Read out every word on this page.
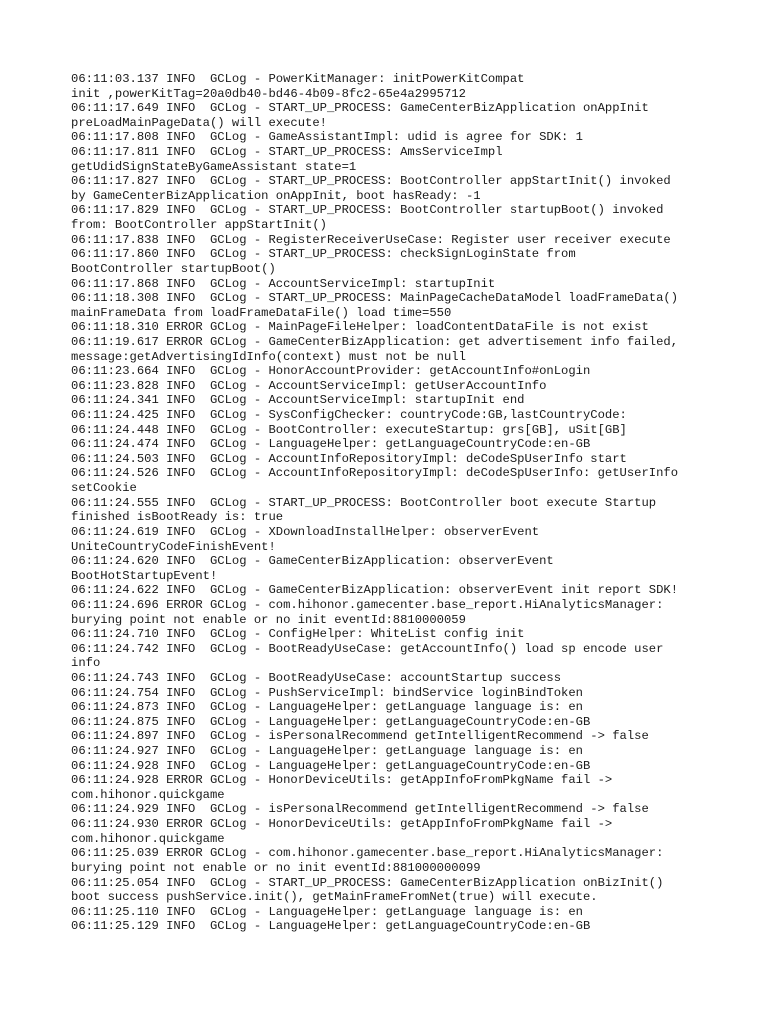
06:11:03.137 INFO  GCLog - PowerKitManager: initPowerKitCompat
init ,powerKitTag=20a0db40-bd46-4b09-8fc2-65e4a2995712
06:11:17.649 INFO  GCLog - START_UP_PROCESS: GameCenterBizApplication onAppInit
preLoadMainPageData() will execute!
06:11:17.808 INFO  GCLog - GameAssistantImpl: udid is agree for SDK: 1
06:11:17.811 INFO  GCLog - START_UP_PROCESS: AmsServiceImpl
getUdidSignStateByGameAssistant state=1
06:11:17.827 INFO  GCLog - START_UP_PROCESS: BootController appStartInit() invoked
by GameCenterBizApplication onAppInit, boot hasReady: -1
06:11:17.829 INFO  GCLog - START_UP_PROCESS: BootController startupBoot() invoked
from: BootController appStartInit()
06:11:17.838 INFO  GCLog - RegisterReceiverUseCase: Register user receiver execute
06:11:17.860 INFO  GCLog - START_UP_PROCESS: checkSignLoginState from
BootController startupBoot()
06:11:17.868 INFO  GCLog - AccountServiceImpl: startupInit
06:11:18.308 INFO  GCLog - START_UP_PROCESS: MainPageCacheDataModel loadFrameData()
mainFrameData from loadFrameDataFile() load time=550
06:11:18.310 ERROR GCLog - MainPageFileHelper: loadContentDataFile is not exist
06:11:19.617 ERROR GCLog - GameCenterBizApplication: get advertisement info failed,
message:getAdvertisingIdInfo(context) must not be null
06:11:23.664 INFO  GCLog - HonorAccountProvider: getAccountInfo#onLogin
06:11:23.828 INFO  GCLog - AccountServiceImpl: getUserAccountInfo
06:11:24.341 INFO  GCLog - AccountServiceImpl: startupInit end
06:11:24.425 INFO  GCLog - SysConfigChecker: countryCode:GB,lastCountryCode:
06:11:24.448 INFO  GCLog - BootController: executeStartup: grs[GB], uSit[GB]
06:11:24.474 INFO  GCLog - LanguageHelper: getLanguageCountryCode:en-GB
06:11:24.503 INFO  GCLog - AccountInfoRepositoryImpl: deCodeSpUserInfo start
06:11:24.526 INFO  GCLog - AccountInfoRepositoryImpl: deCodeSpUserInfo: getUserInfo
setCookie
06:11:24.555 INFO  GCLog - START_UP_PROCESS: BootController boot execute Startup
finished isBootReady is: true
06:11:24.619 INFO  GCLog - XDownloadInstallHelper: observerEvent
UniteCountryCodeFinishEvent!
06:11:24.620 INFO  GCLog - GameCenterBizApplication: observerEvent
BootHotStartupEvent!
06:11:24.622 INFO  GCLog - GameCenterBizApplication: observerEvent init report SDK!
06:11:24.696 ERROR GCLog - com.hihonor.gamecenter.base_report.HiAnalyticsManager:
burying point not enable or no init eventId:8810000059
06:11:24.710 INFO  GCLog - ConfigHelper: WhiteList config init
06:11:24.742 INFO  GCLog - BootReadyUseCase: getAccountInfo() load sp encode user
info
06:11:24.743 INFO  GCLog - BootReadyUseCase: accountStartup success
06:11:24.754 INFO  GCLog - PushServiceImpl: bindService loginBindToken
06:11:24.873 INFO  GCLog - LanguageHelper: getLanguage language is: en
06:11:24.875 INFO  GCLog - LanguageHelper: getLanguageCountryCode:en-GB
06:11:24.897 INFO  GCLog - isPersonalRecommend getIntelligentRecommend -> false
06:11:24.927 INFO  GCLog - LanguageHelper: getLanguage language is: en
06:11:24.928 INFO  GCLog - LanguageHelper: getLanguageCountryCode:en-GB
06:11:24.928 ERROR GCLog - HonorDeviceUtils: getAppInfoFromPkgName fail ->
com.hihonor.quickgame
06:11:24.929 INFO  GCLog - isPersonalRecommend getIntelligentRecommend -> false
06:11:24.930 ERROR GCLog - HonorDeviceUtils: getAppInfoFromPkgName fail ->
com.hihonor.quickgame
06:11:25.039 ERROR GCLog - com.hihonor.gamecenter.base_report.HiAnalyticsManager:
burying point not enable or no init eventId:881000000099
06:11:25.054 INFO  GCLog - START_UP_PROCESS: GameCenterBizApplication onBizInit()
boot success pushService.init(), getMainFrameFromNet(true) will execute.
06:11:25.110 INFO  GCLog - LanguageHelper: getLanguage language is: en
06:11:25.129 INFO  GCLog - LanguageHelper: getLanguageCountryCode:en-GB
